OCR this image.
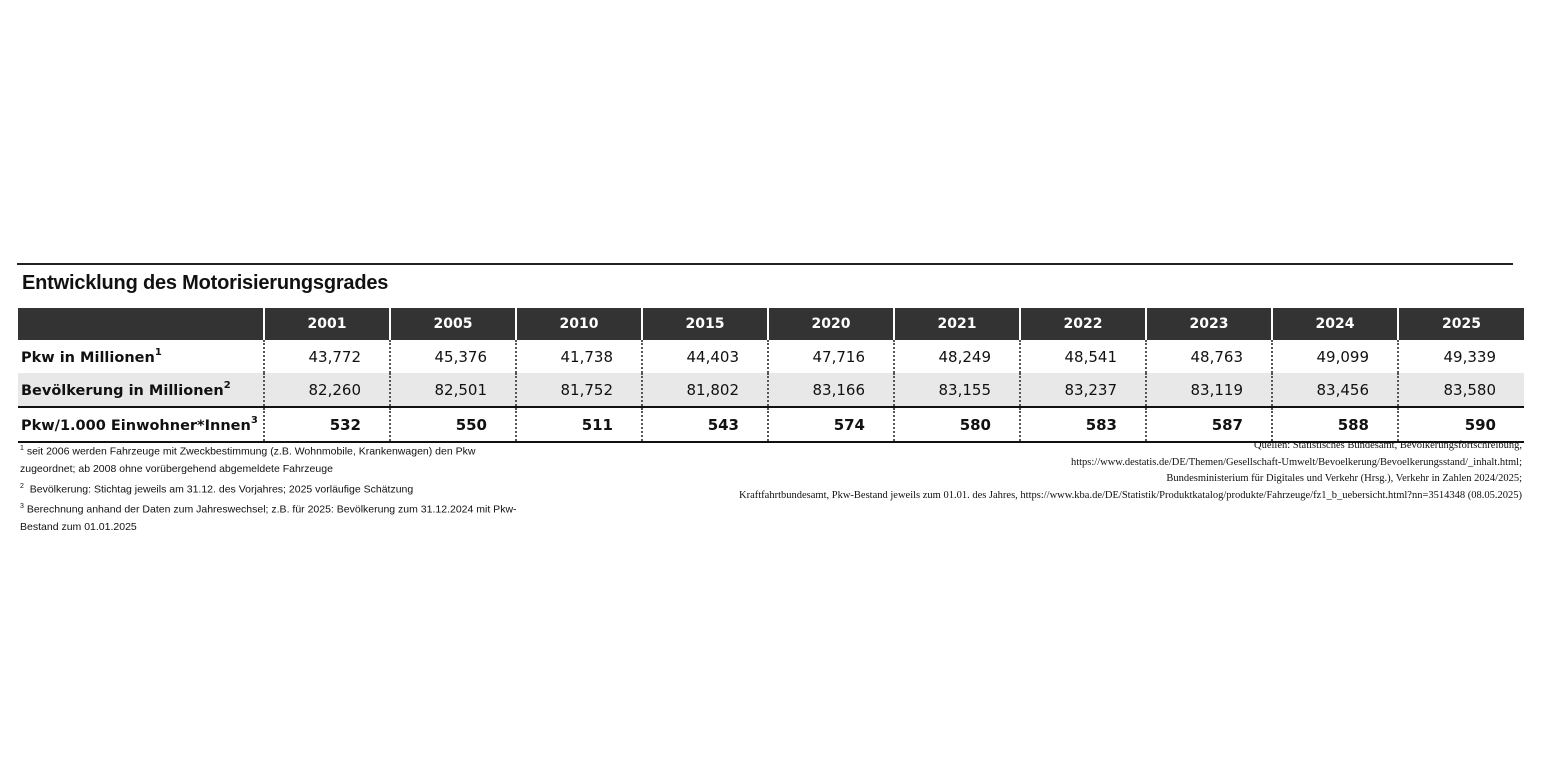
Entwicklung des Motorisierungsgrades
	2001	2005	2010	2015	2020	2021	2022	2023	2024	2025
Pkw in Millionen$^1$	43,772	45,376	41,738	44,403	47,716	48,249	48,541	48,763	49,099	49,339
Bevölkerung in Millionen$^2$	82,260	82,501	81,752	81,802	83,166	83,155	83,237	83,119	83,456	83,580
Pkw/1.000 Einwohner*Innen$^3$	532	550	511	543	574	580	583	587	588	590

$^1$ seit 2006 werden Fahrzeuge mit Zweckbestimmung (z.B. Wohnmobile, Krankenwagen) den Pkw zugeordnet; ab 2008 ohne vorübergehend abgemeldete Fahrzeuge

$^2$ Bevölkerung: Stichtag jeweils am 31.12. des Vorjahres; 2025 vorläufige Schätzung

$^3$ Berechnung anhand der Daten zum Jahreswechsel; z.B. für 2025: Bevölkerung zum 31.12.2024 mit Pkw-Bestand zum 01.01.2025

Quellen: Statistisches Bundesamt, Bevölkerungsfortschreibung,
https://www.destatis.de/DE/Themen/Gesellschaft-Umwelt/Bevoelkerung/Bevoelkerungsstand/_inhalt.html;
Bundesministerium für Digitales und Verkehr (Hrsg.), Verkehr in Zahlen 2024/2025;
Kraftfahrtbundesamt, Pkw-Bestand jeweils zum 01.01. des Jahres, https://www.kba.de/DE/Statistik/Produktkatalog/produkte/Fahrzeuge/fz1_b_uebersicht.html?nn=3514348 (08.05.2025)
